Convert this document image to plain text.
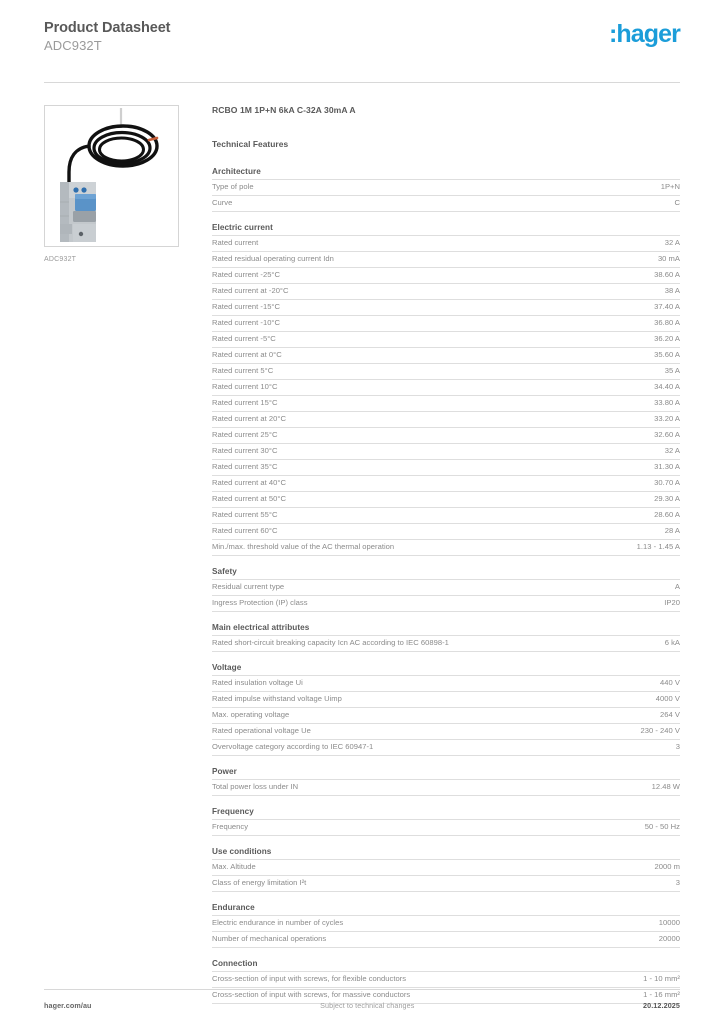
Product Datasheet
ADC932T	:hager
ADC932T
RCBO 1M 1P+N 6kA C-32A 30mA A
Technical Features
Architecture
Type of pole	1P+N
Curve	C
Electric current
Rated current	32 A
Rated residual operating current Idn	30 mA
Rated current -25°C	38.60 A
Rated current at -20°C	38 A
Rated current -15°C	37.40 A
Rated current -10°C	36.80 A
Rated current -5°C	36.20 A
Rated current at 0°C	35.60 A
Rated current 5°C	35 A
Rated current 10°C	34.40 A
Rated current 15°C	33.80 A
Rated current at 20°C	33.20 A
Rated current 25°C	32.60 A
Rated current 30°C	32 A
Rated current 35°C	31.30 A
Rated current at 40°C	30.70 A
Rated current at 50°C	29.30 A
Rated current 55°C	28.60 A
Rated current 60°C	28 A
Min./max. threshold value of the AC thermal operation	1.13 - 1.45 A
Safety
Residual current type	A
Ingress Protection (IP) class	IP20
Main electrical attributes
Rated short-circuit breaking capacity Icn AC according to IEC 60898-1	6 kA
Voltage
Rated insulation voltage Ui	440 V
Rated impulse withstand voltage Uimp	4000 V
Max. operating voltage	264 V
Rated operational voltage Ue	230 - 240 V
Overvoltage category according to IEC 60947-1	3
Power
Total power loss under IN	12.48 W
Frequency
Frequency	50 - 50 Hz
Use conditions
Max. Altitude	2000 m
Class of energy limitation I²t	3
Endurance
Electric endurance in number of cycles	10000
Number of mechanical operations	20000
Connection
Cross-section of input with screws, for flexible conductors	1 - 10 mm²
Cross-section of input with screws, for massive conductors	1 - 16 mm²
hager.com/au	Subject to technical changes	20.12.2025
